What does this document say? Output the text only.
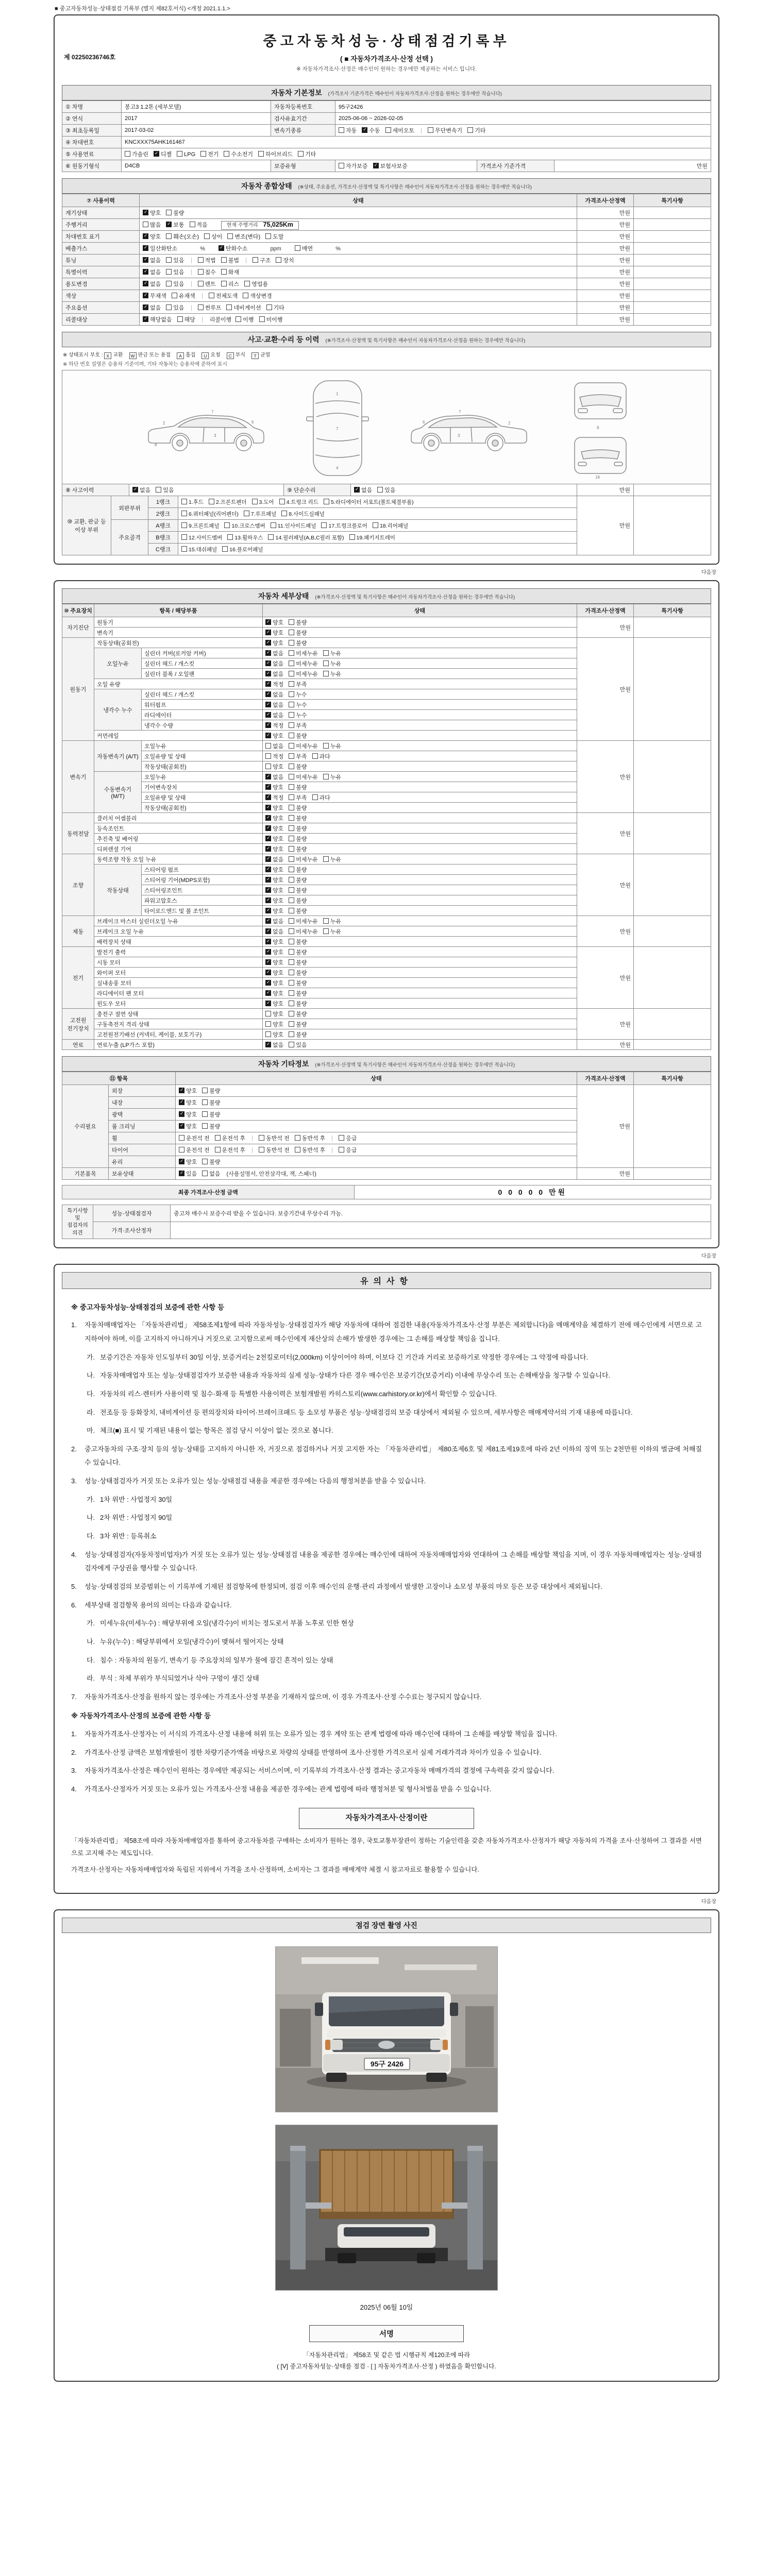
■ 중고자동차성능·상태점검 기록부 (별지 제82호서식) <개정 2021.1.1.>
제 02250236746호
중고자동차성능·상태점검기록부
( ■ 자동차가격조사·산정 선택 )
※ 자동차가격조사·산정은 매수인이 원하는 경우에만 제공하는 서비스 입니다.
자동차 기본정보 (가격조사 기준가격은 매수인이 자동차가격조사·산정을 원하는 경우에만 적습니다)
① 차명	봉고3 1.2톤 (세부모델)	자동차등록번호	95구2426		
② 연식	2017	검사유효기간	2025-06-06 ~ 2026-02-05		
③ 최초등록일	2017-03-02	변속기종류	자동 ✓ 수동 세미오토 무단변속기 기타
④ 차대번호	KNCXXX75AHK161467				
⑤ 사용연료	가솔린 ✓ 디젤 LPG 전기 수소전기 하이브리드 기타
⑥ 원동기형식	D4CB	보증유형	자가보증 ✓ 보험사보증	가격조사 기준가격	만원
자동차 종합상태 (※상태, 주요옵션, 가격조사·산정액 및 특기사항은 매수인이 자동차가격조사·산정을 원하는 경우에만 적습니다)
⑦ 사용이력	상태	가격조사·산정액	특기사항
계기상태	✓양호 불량	만원	
주행거리	많음 ✓ 보통 적음 현재 주행거리 75,025Km	만원	
차대번호 표기	✓양호 훼손(오손) 상이 변조(변타) 도말	만원	
배출가스	✓일산화탄소 % ✓ 탄화수소 ppm 매연 %	만원	
튜닝	✓없음 있음 적법 불법 구조 장치	만원	
특별이력	✓없음 있음 침수 화재	만원	
용도변경	✓없음 있음 렌트 리스 영업용	만원	
색상	✓무채색 유채색 전체도색 색상변경	만원	
주요옵션	✓없음 있음 썬루프 네비게이션 기타	만원	
리콜대상	✓해당없음 해당 리콜이행 이행 미이행	만원	
사고·교환·수리 등 이력 (※가격조사·산정액 및 특기사항은 매수인이 자동차가격조사·산정을 원하는 경우에만 적습니다)
※ 상태표시 부호 : X 교환 W 판금 또는 용접 A 흠집 U 요철 C 부식 T 균열
※ 하단 번호 설명은 승용차 기준이며, 기타 자동차는 승용차에 준하여 표시
2
7
3
6
8
1
7
4
7
3
6	2
9
18
⑧ 사고이력	✓없음 있음	⑨ 단순수리	✓없음 있음	만원	
⑩ 교환, 판금 등 이상 부위	외판부위	1랭크	1.후드 2.프론트펜더 3.도어 4.트렁크 리드 5.라디에이터 서포트(볼트체결부품)	만원	
		2랭크	6.쿼터패널(리어펜더) 7.루프패널 8.사이드실패널		
	주요골격	A랭크	9.프론트패널 10.크로스멤버 11.인사이드패널 17.트렁크플로어 18.리어패널		
		B랭크	12.사이드멤버 13.휠하우스 14.필러패널(A,B,C필러 포함) 19.패키지트레이		
		C랭크	15.대쉬패널 16.플로어패널		
다음장
자동차 세부상태 (※가격조사·산정액 및 특기사항은 매수인이 자동차가격조사·산정을 원하는 경우에만 적습니다)
⑩ 주요장치	항목 / 해당부품		상태	가격조사·산정액	특기사항
자기진단	원동기	✓양호 불량	만원	
	변속기	✓양호 불량
원동기	작동상태(공회전)	✓양호 불량	만원	
	오일누유	실린더 커버(로커암 커버)	✓없음 미세누유 누유
		실린더 헤드 / 개스킷	✓없음 미세누유 누유
		실린더 블록 / 오일팬	✓없음 미세누유 누유
	오일 유량	✓적정 부족
	냉각수 누수	실린더 헤드 / 개스킷	✓없음 누수
		워터펌프	✓없음 누수
		라디에이터	✓없음 누수
		냉각수 수량	✓적정 부족
	커먼레일	✓양호 불량
변속기	자동변속기 (A/T)	오일누유	없음 미세누유 누유	만원	
		오일유량 및 상태	적정 부족 과다		
		작동상태(공회전)	양호 불량		
	수동변속기 (M/T)	오일누유	✓없음 미세누유 누유
		기어변속장치	✓양호 불량
		오일유량 및 상태	✓적정 부족 과다
		작동상태(공회전)	✓양호 불량
동력전달	클러치 어셈블리	✓양호 불량	만원	
	등속조인트	✓양호 불량
	추진축 및 베어링	✓양호 불량
	디퍼렌셜 기어	✓양호 불량
조향	동력조향 작동 오일 누유	✓없음 미세누유 누유	만원	
	작동상태	스티어링 펌프	✓양호 불량
		스티어링 기어(MDPS포함)	✓양호 불량
		스티어링조인트	✓양호 불량
		파워고압호스	✓양호 불량
		타이로드엔드 및 볼 조인트	✓양호 불량
제동	브레이크 마스터 실린더오일 누유	✓없음 미세누유 누유	만원	
	브레이크 오일 누유	✓없음 미세누유 누유
	배력장치 상태	✓양호 불량
전기	발전기 출력	✓양호 불량	만원	
	시동 모터	✓양호 불량
	와이퍼 모터	✓양호 불량
	실내송풍 모터	✓양호 불량
	라디에이터 팬 모터	✓양호 불량
	윈도우 모터	✓양호 불량
고전원 전기장치	충전구 절연 상태		양호 불량	만원	
	구동축전지 격리 상태		양호 불량		
	고전원전기배선 (커넥터, 케이블, 보호기구)		양호 불량		
연료	연료누출 (LP가스 포함)	✓없음 있음	만원	
자동차 기타정보 (※가격조사·산정액 및 특기사항은 매수인이 자동차가격조사·산정을 원하는 경우에만 적습니다)
⑪ 항목		상태	가격조사·산정액	특기사항
수리필요	외장	✓양호 불량	만원	
	내장	✓양호 불량
	광택	✓양호 불량
	룸 크리닝	✓양호 불량
	휠	운전석 전 운전석 후 동반석 전 동반석 후 응급		
	타이어	운전석 전 운전석 후 동반석 전 동반석 후 응급		
	유리	✓양호 불량
기본품목	보유상태	✓있음 없음 (사용설명서, 안전삼각대, 잭, 스패너)	만원	
최종 가격조사·산정 금액	0 0 0 0 0 만원
특기사항 및 점검자의 의견	성능·상태점검자	중고차 매수시 보증수리 받을 수 있습니다. 보증기간내 무상수리 가능.
	가격·조사산정자	
다음장
유의사항
※ 중고자동차성능·상태점검의 보증에 관한 사항 등
1.	자동차매매업자는 「자동차관리법」 제58조제1항에 따라 자동차성능·상태점검자가 해당 자동차에 대하여 점검한 내용(자동차가격조사·산정 부분은 제외합니다)을 매매계약을 체결하기 전에 매수인에게 서면으로 고지하여야 하며, 이를 고지하지 아니하거나 거짓으로 고지함으로써 매수인에게 재산상의 손해가 발생한 경우에는 그 손해를 배상할 책임을 집니다.
가. 보증기간은 자동차 인도일부터 30일 이상, 보증거리는 2천킬로미터(2,000km) 이상이어야 하며, 이보다 긴 기간과 거리로 보증하기로 약정한 경우에는 그 약정에 따릅니다.
나. 자동차매매업자 또는 성능·상태점검자가 보증한 내용과 자동차의 실제 성능·상태가 다른 경우 매수인은 보증기간(보증거리) 이내에 무상수리 또는 손해배상을 청구할 수 있습니다.
다. 자동차의 리스·렌터카 사용이력 및 침수·화재 등 특별한 사용이력은 보험개발원 카히스토리(www.carhistory.or.kr)에서 확인할 수 있습니다.
라. 전조등 등 등화장치, 내비게이션 등 편의장치와 타이어·브레이크패드 등 소모성 부품은 성능·상태점검의 보증 대상에서 제외될 수 있으며, 세부사항은 매매계약서의 기재 내용에 따릅니다.
마. 체크(■) 표시 및 기재된 내용이 없는 항목은 점검 당시 이상이 없는 것으로 봅니다.
2.	중고자동차의 구조·장치 등의 성능·상태를 고지하지 아니한 자, 거짓으로 점검하거나 거짓 고지한 자는 「자동차관리법」 제80조제6호 및 제81조제19호에 따라 2년 이하의 징역 또는 2천만원 이하의 벌금에 처해질 수 있습니다.
3.	성능·상태점검자가 거짓 또는 오류가 있는 성능·상태점검 내용을 제공한 경우에는 다음의 행정처분을 받을 수 있습니다.
가. 1차 위반 : 사업정지 30일
나. 2차 위반 : 사업정지 90일
다. 3차 위반 : 등록취소
4.	성능·상태점검자(자동차정비업자)가 거짓 또는 오류가 있는 성능·상태점검 내용을 제공한 경우에는 매수인에 대하여 자동차매매업자와 연대하여 그 손해를 배상할 책임을 지며, 이 경우 자동차매매업자는 성능·상태점검자에게 구상권을 행사할 수 있습니다.
5.	성능·상태점검의 보증범위는 이 기록부에 기재된 점검항목에 한정되며, 점검 이후 매수인의 운행·관리 과정에서 발생한 고장이나 소모성 부품의 마모 등은 보증 대상에서 제외됩니다.
6.	세부상태 점검항목 용어의 의미는 다음과 같습니다.
가. 미세누유(미세누수) : 해당부위에 오일(냉각수)이 비치는 정도로서 부품 노후로 인한 현상
나. 누유(누수) : 해당부위에서 오일(냉각수)이 맺혀서 떨어지는 상태
다. 침수 : 자동차의 원동기, 변속기 등 주요장치의 일부가 물에 잠긴 흔적이 있는 상태
라. 부식 : 차체 부위가 부식되었거나 삭아 구멍이 생긴 상태
7.	자동차가격조사·산정을 원하지 않는 경우에는 가격조사·산정 부분을 기재하지 않으며, 이 경우 가격조사·산정 수수료는 청구되지 않습니다.
※ 자동차가격조사·산정의 보증에 관한 사항 등
1.	자동차가격조사·산정자는 이 서식의 가격조사·산정 내용에 허위 또는 오류가 있는 경우 계약 또는 관계 법령에 따라 매수인에 대하여 그 손해를 배상할 책임을 집니다.
2.	가격조사·산정 금액은 보험개발원이 정한 차량기준가액을 바탕으로 차량의 상태를 반영하여 조사·산정한 가격으로서 실제 거래가격과 차이가 있을 수 있습니다.
3.	자동차가격조사·산정은 매수인이 원하는 경우에만 제공되는 서비스이며, 이 기록부의 가격조사·산정 결과는 중고자동차 매매가격의 결정에 구속력을 갖지 않습니다.
4.	가격조사·산정자가 거짓 또는 오류가 있는 가격조사·산정 내용을 제공한 경우에는 관계 법령에 따라 행정처분 및 형사처벌을 받을 수 있습니다.
자동차가격조사·산정이란
「자동차관리법」 제58조에 따라 자동차매매업자를 통하여 중고자동차를 구매하는 소비자가 원하는 경우, 국토교통부장관이 정하는 기술인력을 갖춘 자동차가격조사·산정자가 해당 자동차의 가격을 조사·산정하여 그 결과를 서면으로 고지해 주는 제도입니다.
가격조사·산정자는 자동차매매업자와 독립된 지위에서 가격을 조사·산정하며, 소비자는 그 결과를 매매계약 체결 시 참고자료로 활용할 수 있습니다.
다음장
점검 장면 촬영 사진
95구 2426
2025년 06월 10일
서명
「자동차관리법」 제58조 및 같은 법 시행규칙 제120조에 따라
( [V] 중고자동차성능·상태를 점검 · [ ] 자동차가격조사·산정 ) 하였음을 확인합니다.
